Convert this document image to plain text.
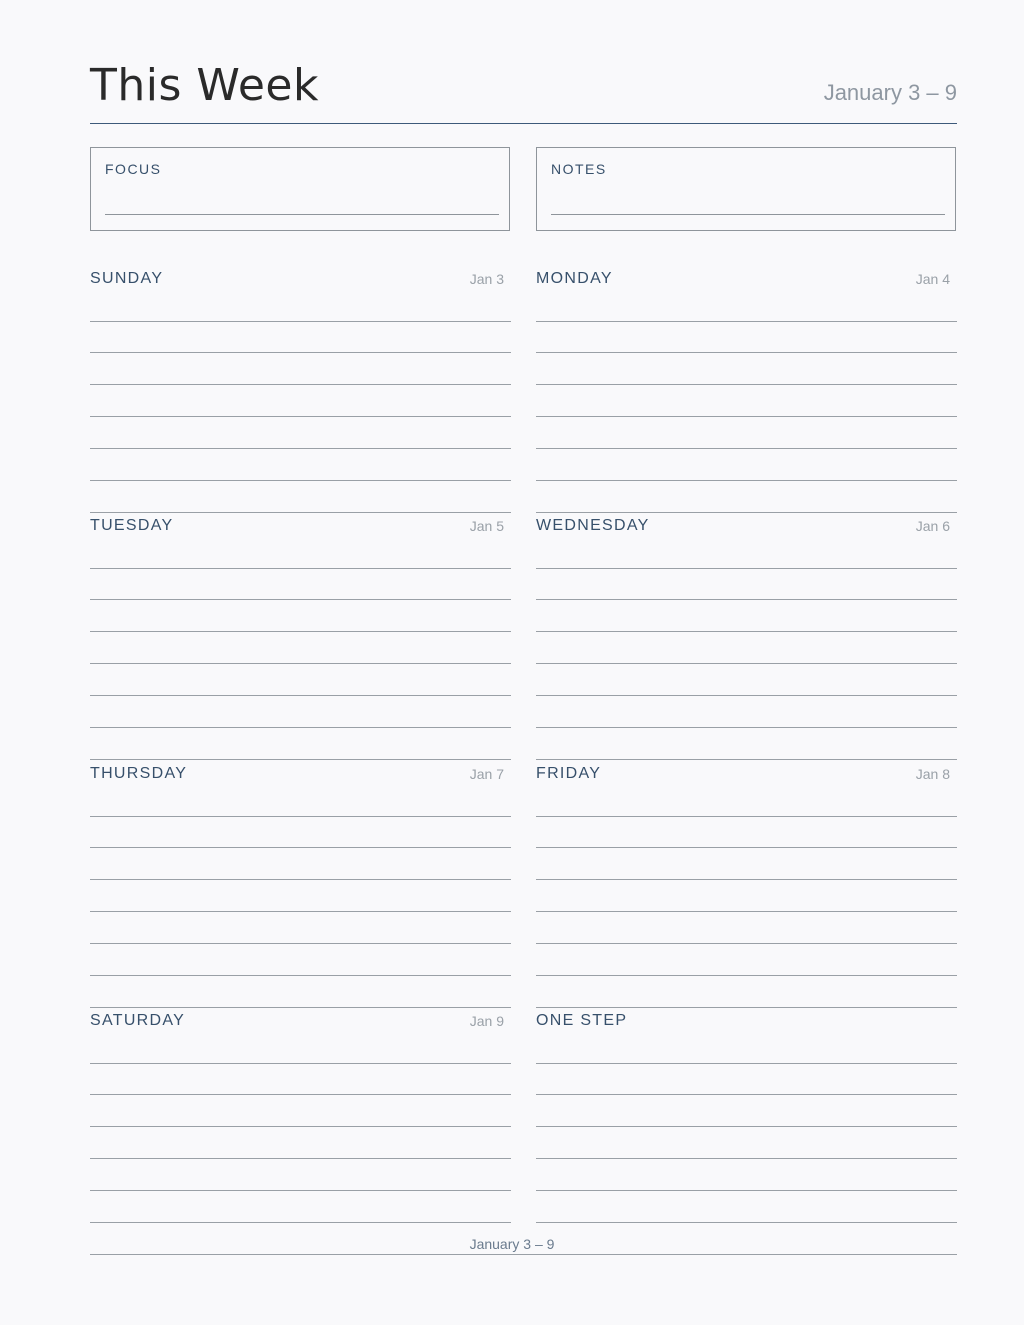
This Week	January 3 – 9
FOCUS	NOTES
SUNDAY	Jan 3 MONDAY	Jan 4
TUESDAY	Jan 5 WEDNESDAY	Jan 6
THURSDAY	Jan 7 FRIDAY	Jan 8
SATURDAY	Jan 9 ONE STEP
January 3 – 9
